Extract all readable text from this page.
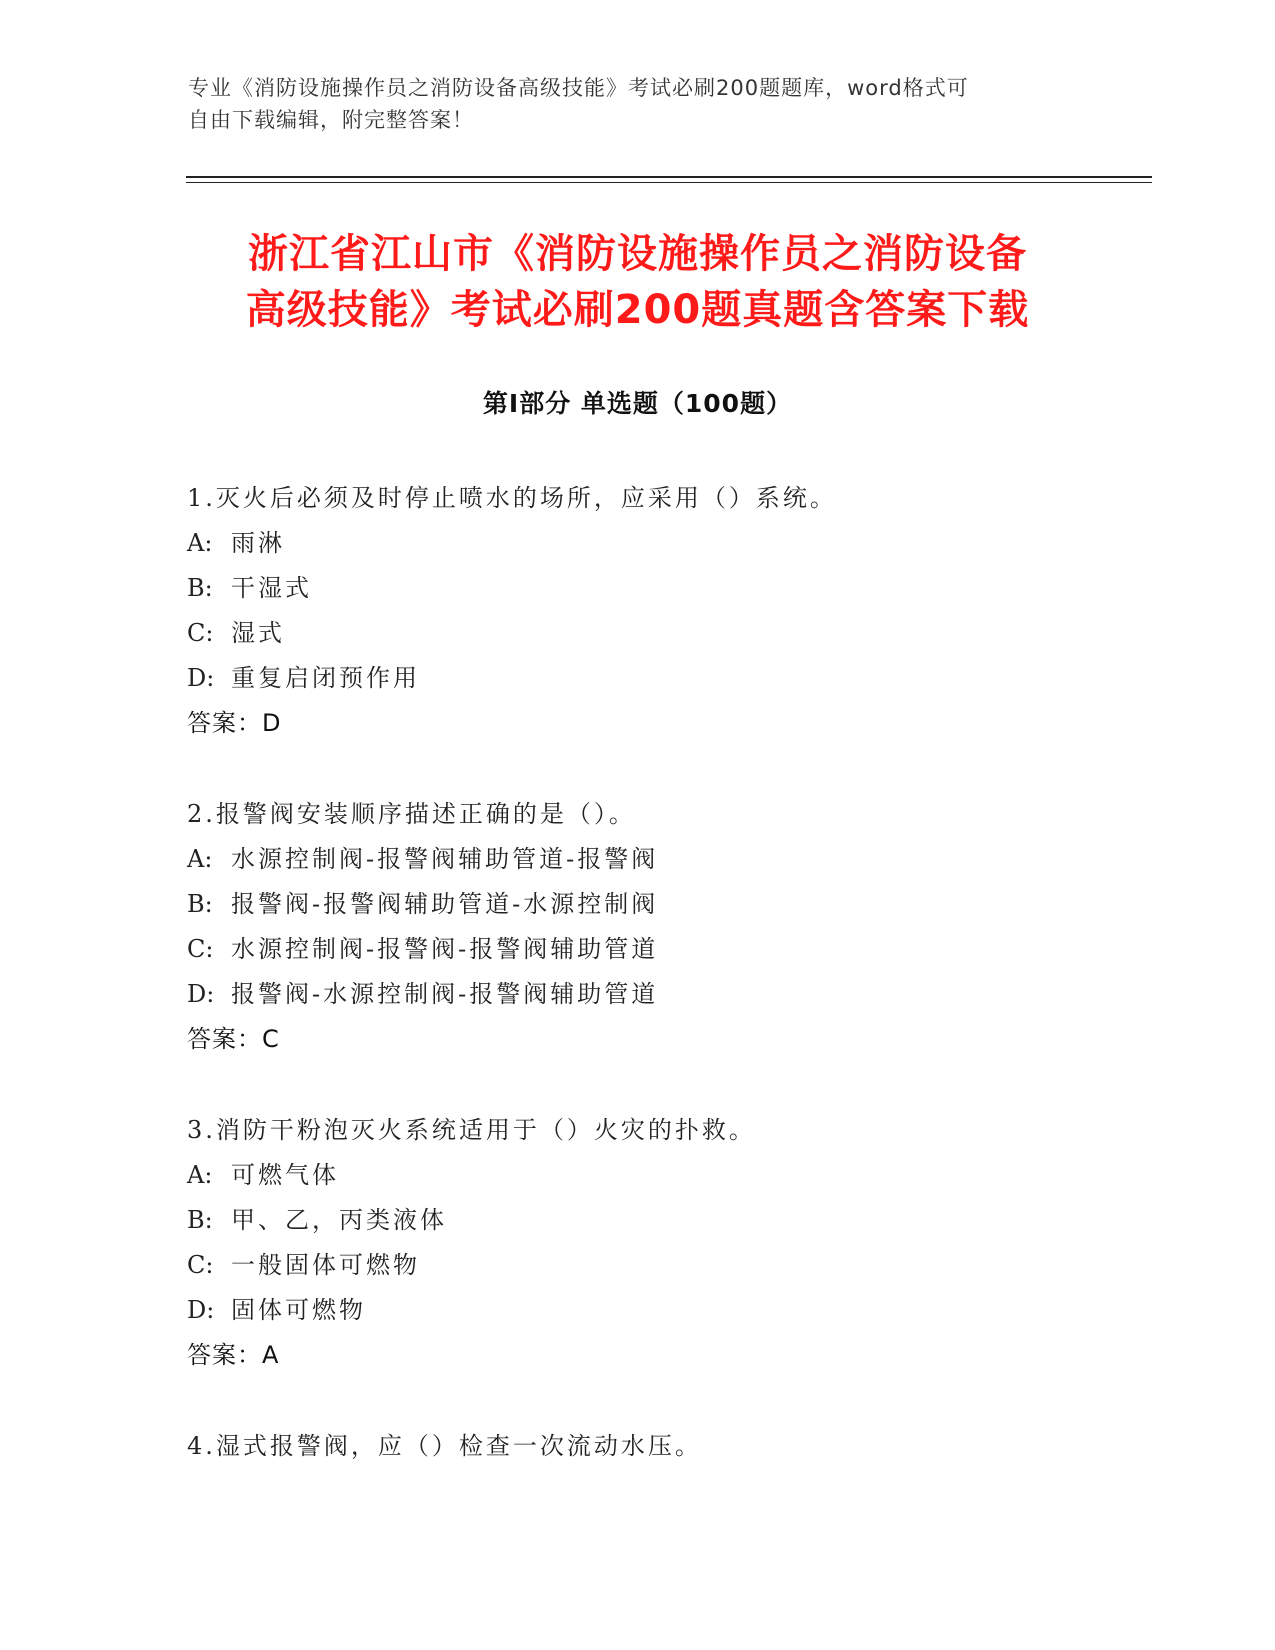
专业《消防设施操作员之消防设备高级技能》考试必刷200题题库，word格式可
自由下载编辑，附完整答案！
浙江省江山市《消防设施操作员之消防设备
高级技能》考试必刷200题真题含答案下载
第Ⅰ部分 单选题（100题）
1.灭火后必须及时停止喷水的场所，应采用（）系统。
A: 雨淋
B: 干湿式
C: 湿式
D: 重复启闭预作用
答案：D
2.报警阀安装顺序描述正确的是（）。
A: 水源控制阀-报警阀辅助管道-报警阀
B: 报警阀-报警阀辅助管道-水源控制阀
C: 水源控制阀-报警阀-报警阀辅助管道
D: 报警阀-水源控制阀-报警阀辅助管道
答案：C
3.消防干粉泡灭火系统适用于（）火灾的扑救。
A: 可燃气体
B: 甲、乙，丙类液体
C: 一般固体可燃物
D: 固体可燃物
答案：A
4.湿式报警阀，应（）检查一次流动水压。
